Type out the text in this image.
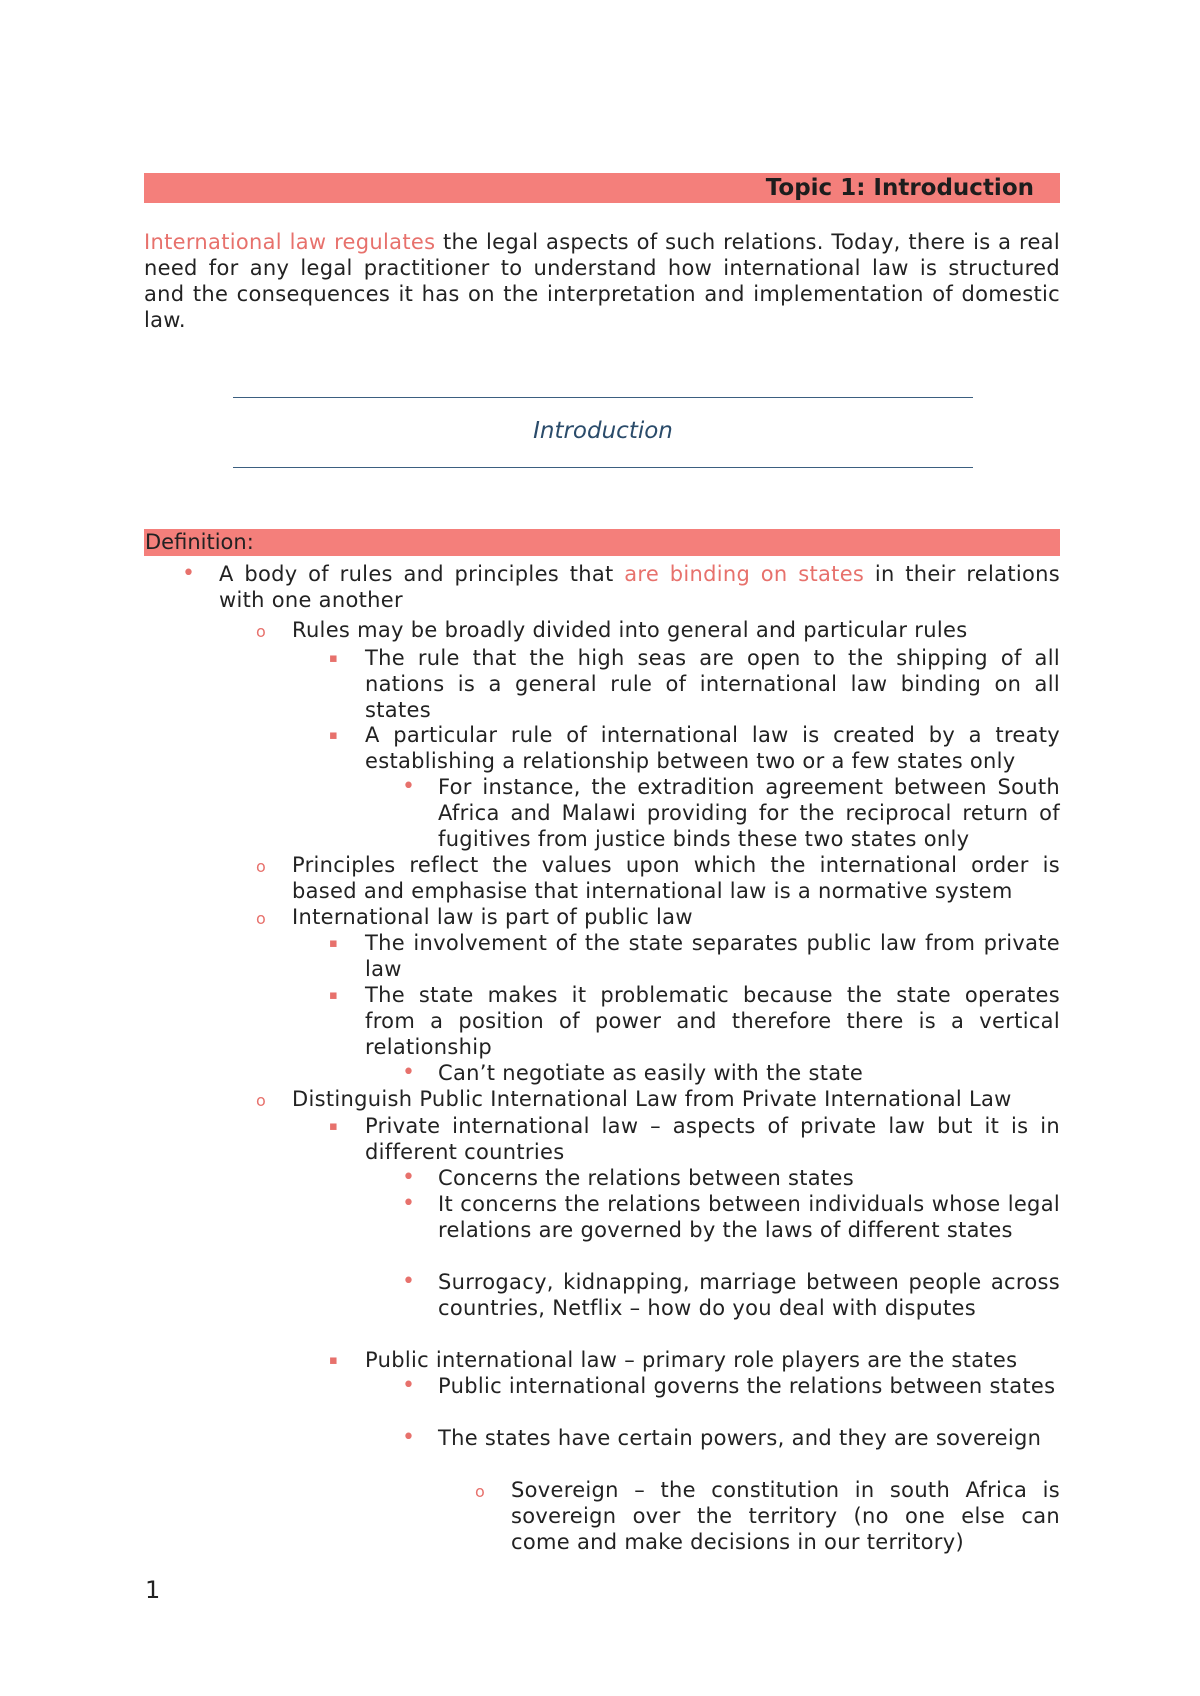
Topic 1: Introduction

International law regulates the legal aspects of such relations. Today, there is a real need for any legal practitioner to understand how international law is structured and the consequences it has on the interpretation and implementation of domestic law.

Introduction
Definition:
• A body of rules and principles that are binding on states in their relations with one another
o Rules may be broadly divided into general and particular rules
▪ The rule that the high seas are open to the shipping of all nations is a general rule of international law binding on all states
▪ A particular rule of international law is created by a treaty establishing a relationship between two or a few states only
• For instance, the extradition agreement between South Africa and Malawi providing for the reciprocal return of fugitives from justice binds these two states only
o Principles reflect the values upon which the international order is based and emphasise that international law is a normative system
o International law is part of public law
▪ The involvement of the state separates public law from private law
▪ The state makes it problematic because the state operates from a position of power and therefore there is a vertical relationship
• Can’t negotiate as easily with the state
o Distinguish Public International Law from Private International Law
▪ Private international law – aspects of private law but it is in different countries
• Concerns the relations between states
• It concerns the relations between individuals whose legal relations are governed by the laws of different states
• Surrogacy, kidnapping, marriage between people across countries, Netflix – how do you deal with disputes
▪ Public international law – primary role players are the states
• Public international governs the relations between states
• The states have certain powers, and they are sovereign
o Sovereign – the constitution in south Africa is sovereign over the territory (no one else can come and make decisions in our territory)
1
